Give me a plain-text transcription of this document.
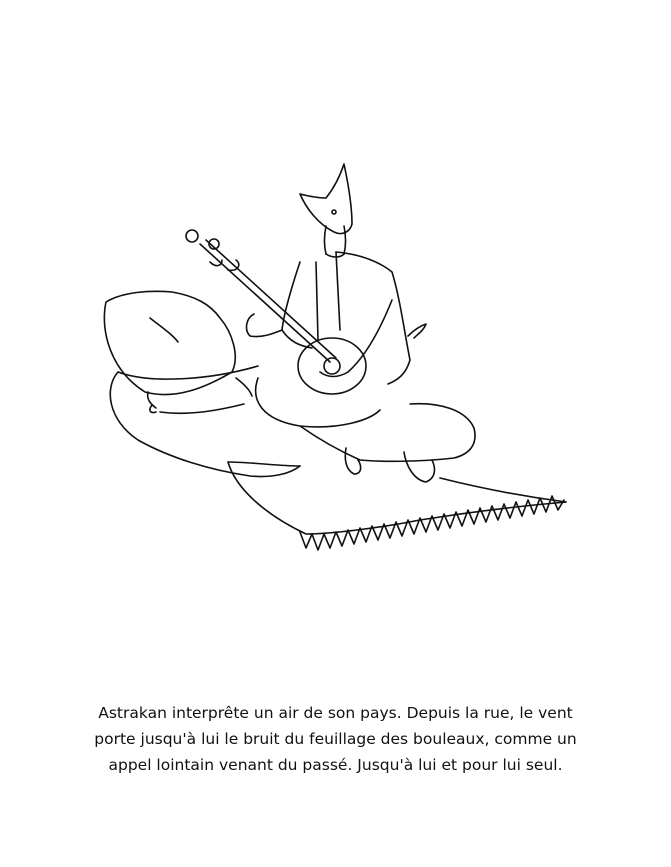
Astrakan interprête un air de son pays. Depuis la rue, le vent
porte jusqu'à lui le bruit du feuillage des bouleaux, comme un
appel lointain venant du passé. Jusqu'à lui et pour lui seul.
